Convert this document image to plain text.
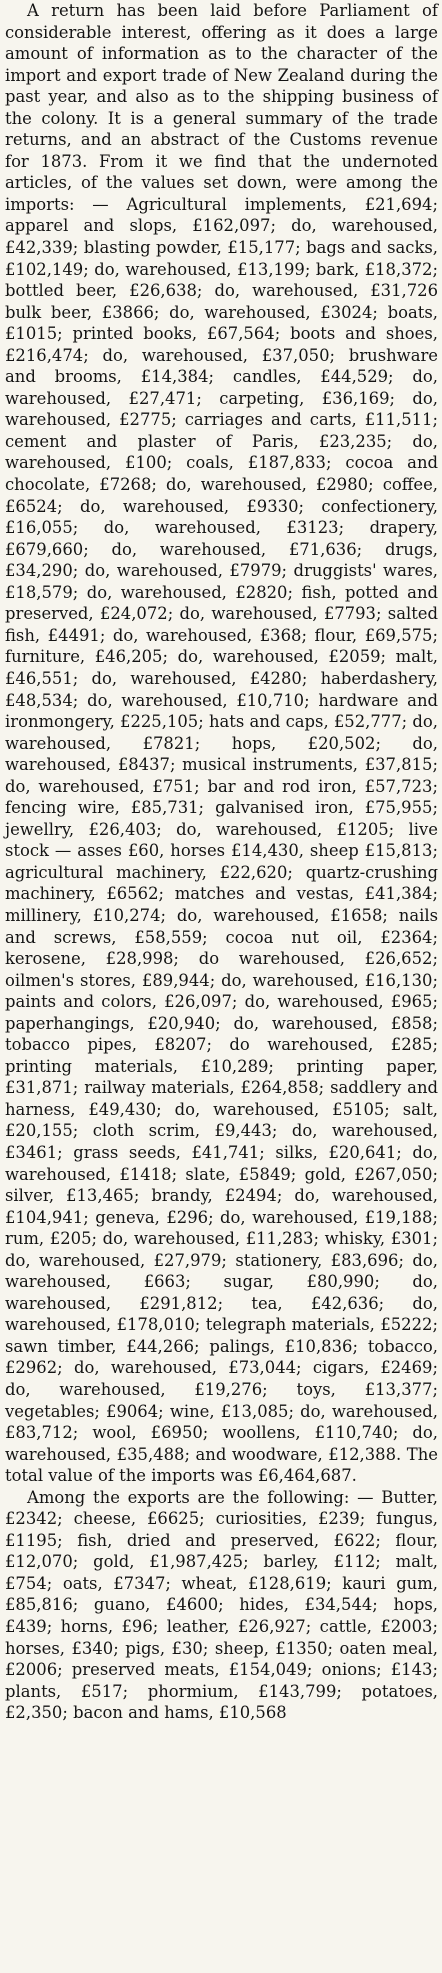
A return has been laid before Parliament of considerable interest, offering as it does a large amount of information as to the character of the import and export trade of New Zealand during the past year, and also as to the shipping business of the colony. It is a general summary of the trade returns, and an abstract of the Customs revenue for 1873. From it we find that the undernoted articles, of the values set down, were among the imports: — Agricultural implements, £21,694; apparel and slops, £162,097; do, warehoused, £42,339; blasting powder, £15,177; bags and sacks, £102,149; do, warehoused, £13,199; bark, £18,372; bottled beer, £26,638; do, warehoused, £31,726 bulk beer, £3866; do, warehoused, £3024; boats, £1015; printed books, £67,564; boots and shoes, £216,474; do, warehoused, £37,050; brushware and brooms, £14,384; candles, £44,529; do, warehoused, £27,471; carpeting, £36,169; do, warehoused, £2775; carriages and carts, £11,511; cement and plaster of Paris, £23,235; do, warehoused, £100; coals, £187,833; cocoa and chocolate, £7268; do, warehoused, £2980; coffee, £6524; do, warehoused, £9330; confectionery, £16,055; do, warehoused, £3123; drapery, £679,660; do, warehoused, £71,636; drugs, £34,290; do, warehoused, £7979; druggists' wares, £18,579; do, warehoused, £2820; fish, potted and preserved, £24,072; do, warehoused, £7793; salted fish, £4491; do, warehoused, £368; flour, £69,575; furniture, £46,205; do, warehoused, £2059; malt, £46,551; do, warehoused, £4280; haberdashery, £48,534; do, warehoused, £10,710; hardware and ironmongery, £225,105; hats and caps, £52,777; do, warehoused, £7821; hops, £20,502; do, warehoused, £8437; musical instruments, £37,815; do, warehoused, £751; bar and rod iron, £57,723; fencing wire, £85,731; galvanised iron, £75,955; jewellry, £26,403; do, warehoused, £1205; live stock — asses £60, horses £14,430, sheep £15,813; agricultural machinery, £22,620; quartz-crushing machinery, £6562; matches and vestas, £41,384; millinery, £10,274; do, warehoused, £1658; nails and screws, £58,559; cocoa nut oil, £2364; kerosene, £28,998; do warehoused, £26,652; oilmen's stores, £89,944; do, warehoused, £16,130; paints and colors, £26,097; do, warehoused, £965; paperhangings, £20,940; do, warehoused, £858; tobacco pipes, £8207; do warehoused, £285; printing materials, £10,289; printing paper, £31,871; railway materials, £264,858; saddlery and harness, £49,430; do, warehoused, £5105; salt, £20,155; cloth scrim, £9,443; do, warehoused, £3461; grass seeds, £41,741; silks, £20,641; do, warehoused, £1418; slate, £5849; gold, £267,050; silver, £13,465; brandy, £2494; do, warehoused, £104,941; geneva, £296; do, warehoused, £19,188; rum, £205; do, warehoused, £11,283; whisky, £301; do, warehoused, £27,979; stationery, £83,696; do, warehoused, £663; sugar, £80,990; do, warehoused, £291,812; tea, £42,636; do, warehoused, £178,010; telegraph materials, £5222; sawn timber, £44,266; palings, £10,836; tobacco, £2962; do, warehoused, £73,044; cigars, £2469; do, warehoused, £19,276; toys, £13,377; vegetables; £9064; wine, £13,085; do, warehoused, £83,712; wool, £6950; woollens, £110,740; do, warehoused, £35,488; and woodware, £12,388. The total value of the imports was £6,464,687.

Among the exports are the following: — Butter, £2342; cheese, £6625; curiosities, £239; fungus, £1195; fish, dried and preserved, £622; flour, £12,070; gold, £1,987,425; barley, £112; malt, £754; oats, £7347; wheat, £128,619; kauri gum, £85,816; guano, £4600; hides, £34,544; hops, £439; horns, £96; leather, £26,927; cattle, £2003; horses, £340; pigs, £30; sheep, £1350; oaten meal, £2006; preserved meats, £154,049; onions; £143; plants, £517; phormium, £143,799; potatoes, £2,350; bacon and hams, £10,568
